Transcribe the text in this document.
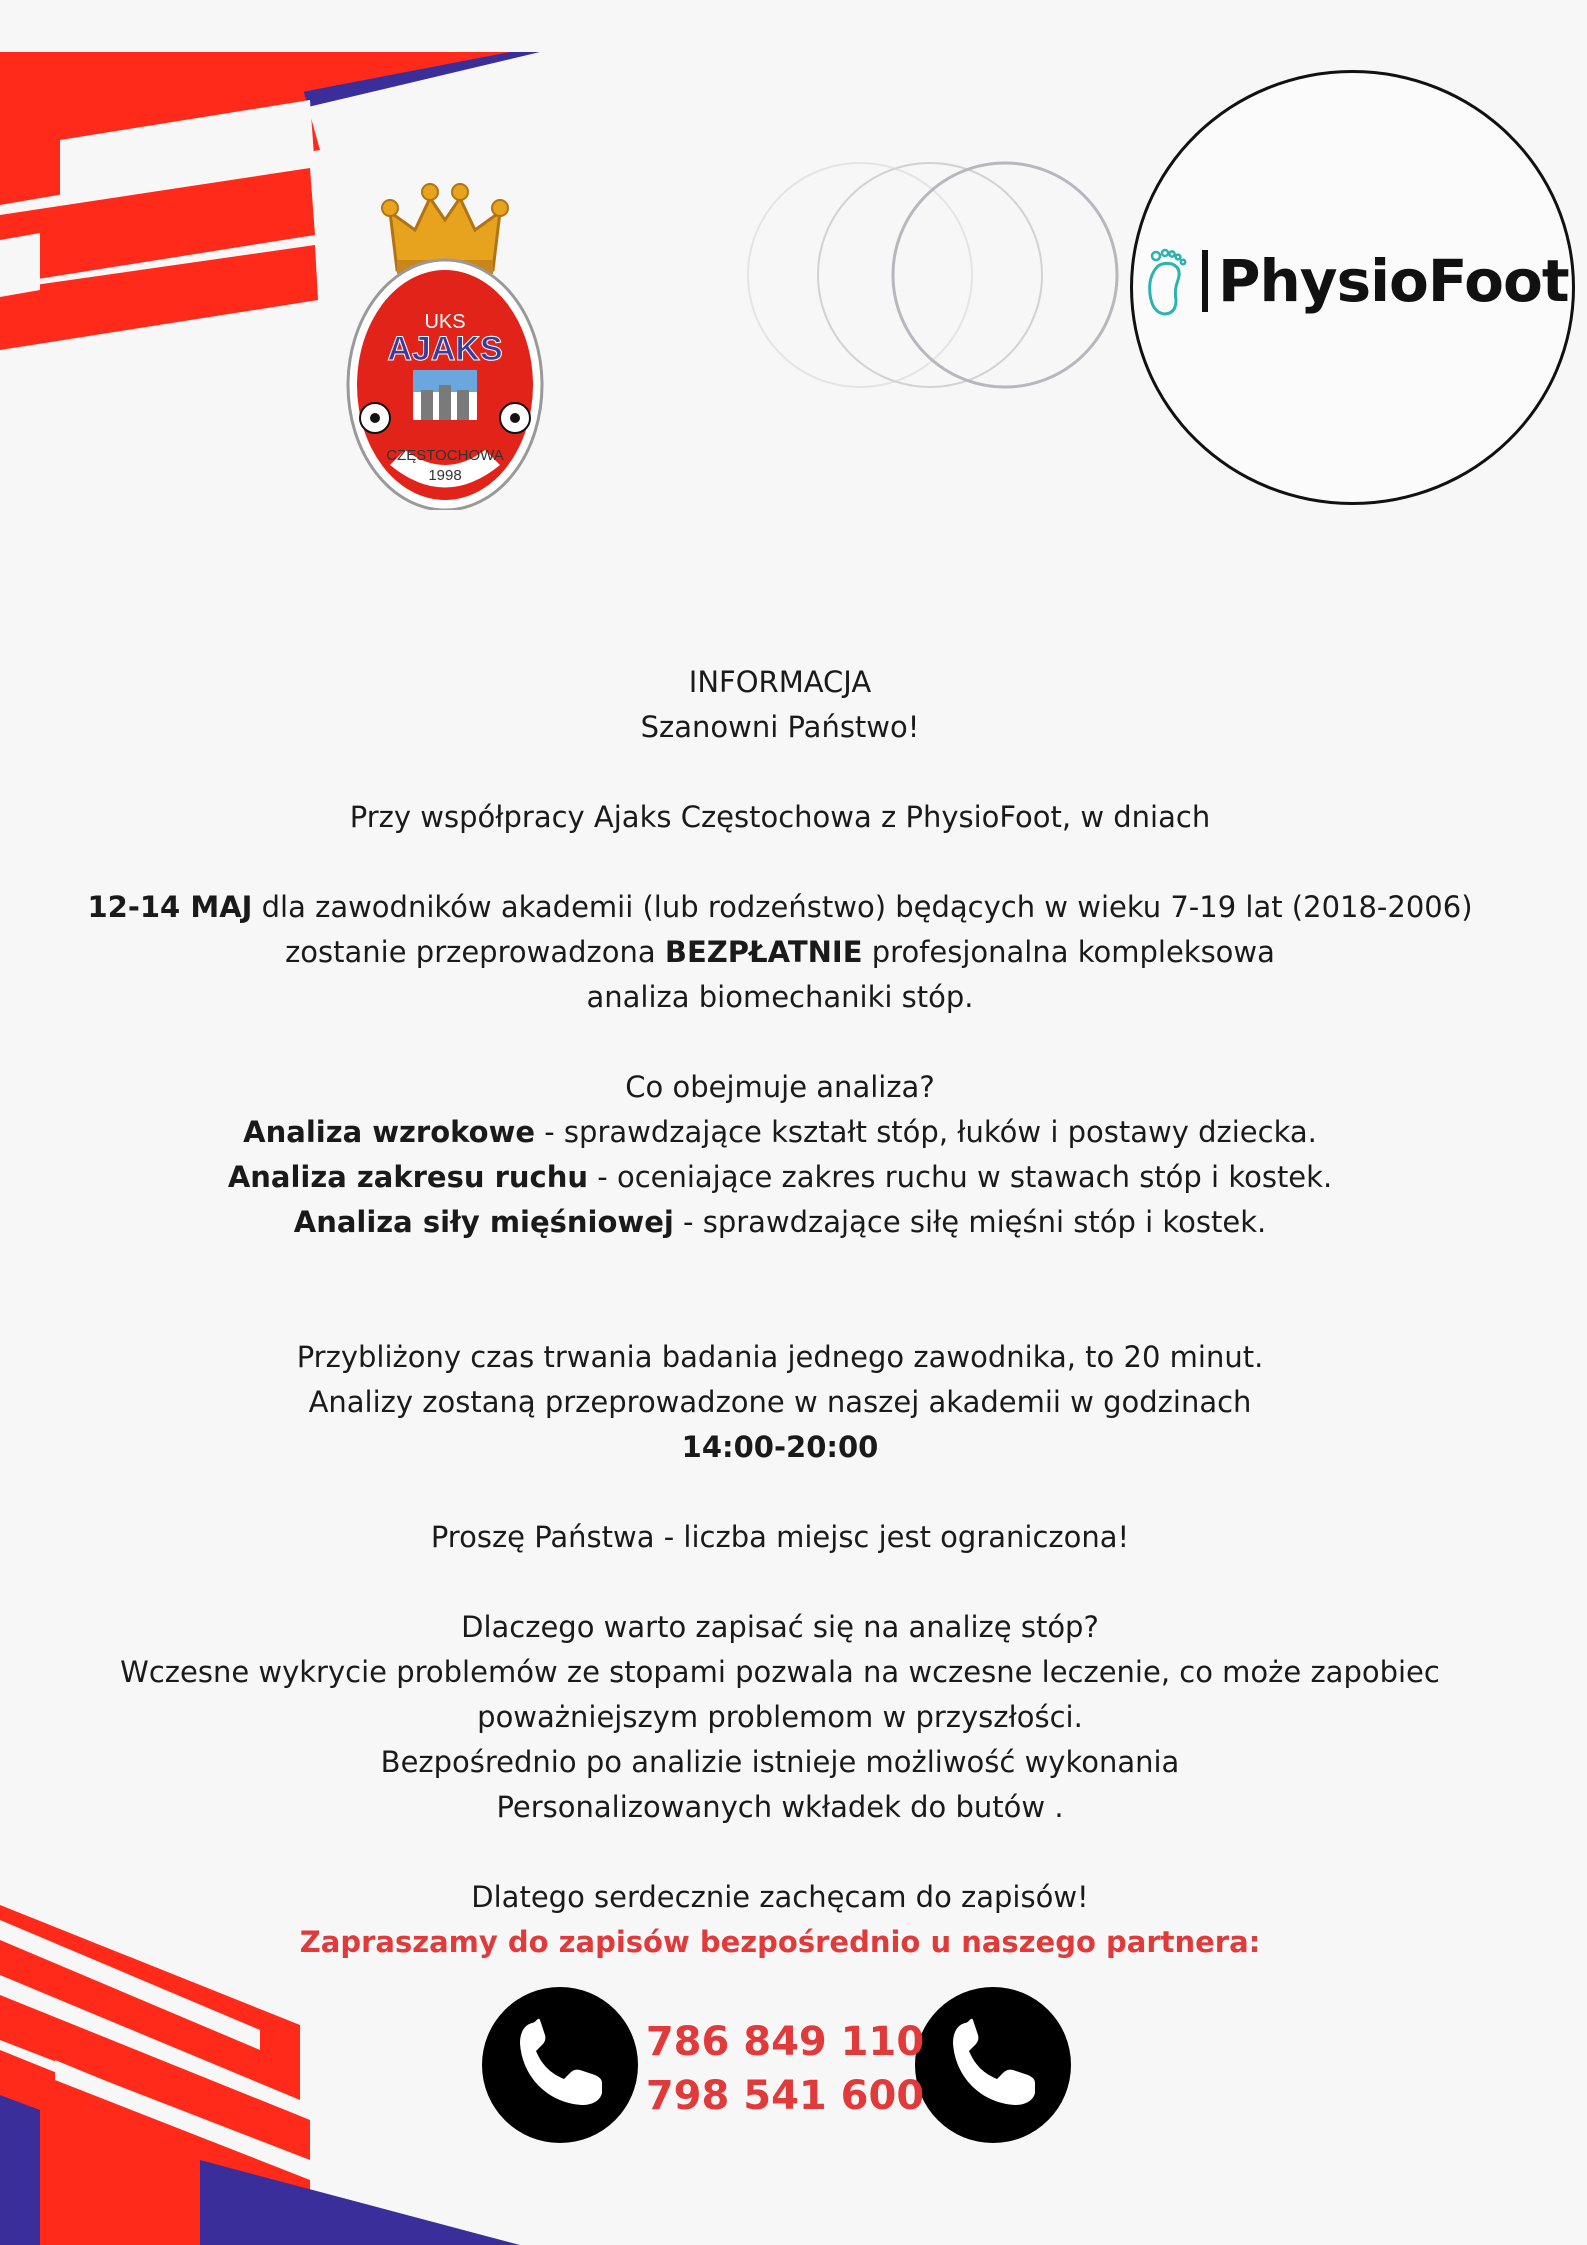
UKS
AJAKS
CZĘSTOCHOWA
1998
PhysioFoot

INFORMACJA

Szanowni Państwo!

Przy współpracy Ajaks Częstochowa z PhysioFoot, w dniach

12-14 MAJ dla zawodników akademii (lub rodzeństwo) będących w wieku 7-19 lat (2018-2006)

zostanie przeprowadzona BEZPŁATNIE profesjonalna kompleksowa

analiza biomechaniki stóp.

Co obejmuje analiza?

Analiza wzrokowe - sprawdzające kształt stóp, łuków i postawy dziecka.

Analiza zakresu ruchu - oceniające zakres ruchu w stawach stóp i kostek.

Analiza siły mięśniowej - sprawdzające siłę mięśni stóp i kostek.

Przybliżony czas trwania badania jednego zawodnika, to 20 minut.

Analizy zostaną przeprowadzone w naszej akademii w godzinach

14:00-20:00

Proszę Państwa - liczba miejsc jest ograniczona!

Dlaczego warto zapisać się na analizę stóp?

Wczesne wykrycie problemów ze stopami pozwala na wczesne leczenie, co może zapobiec

poważniejszym problemom w przyszłości.

Bezpośrednio po analizie istnieje możliwość wykonania

Personalizowanych wkładek do butów .

Dlatego serdecznie zachęcam do zapisów!

Zapraszamy do zapisów bezpośrednio u naszego partnera:

786 849 110
798 541 600
